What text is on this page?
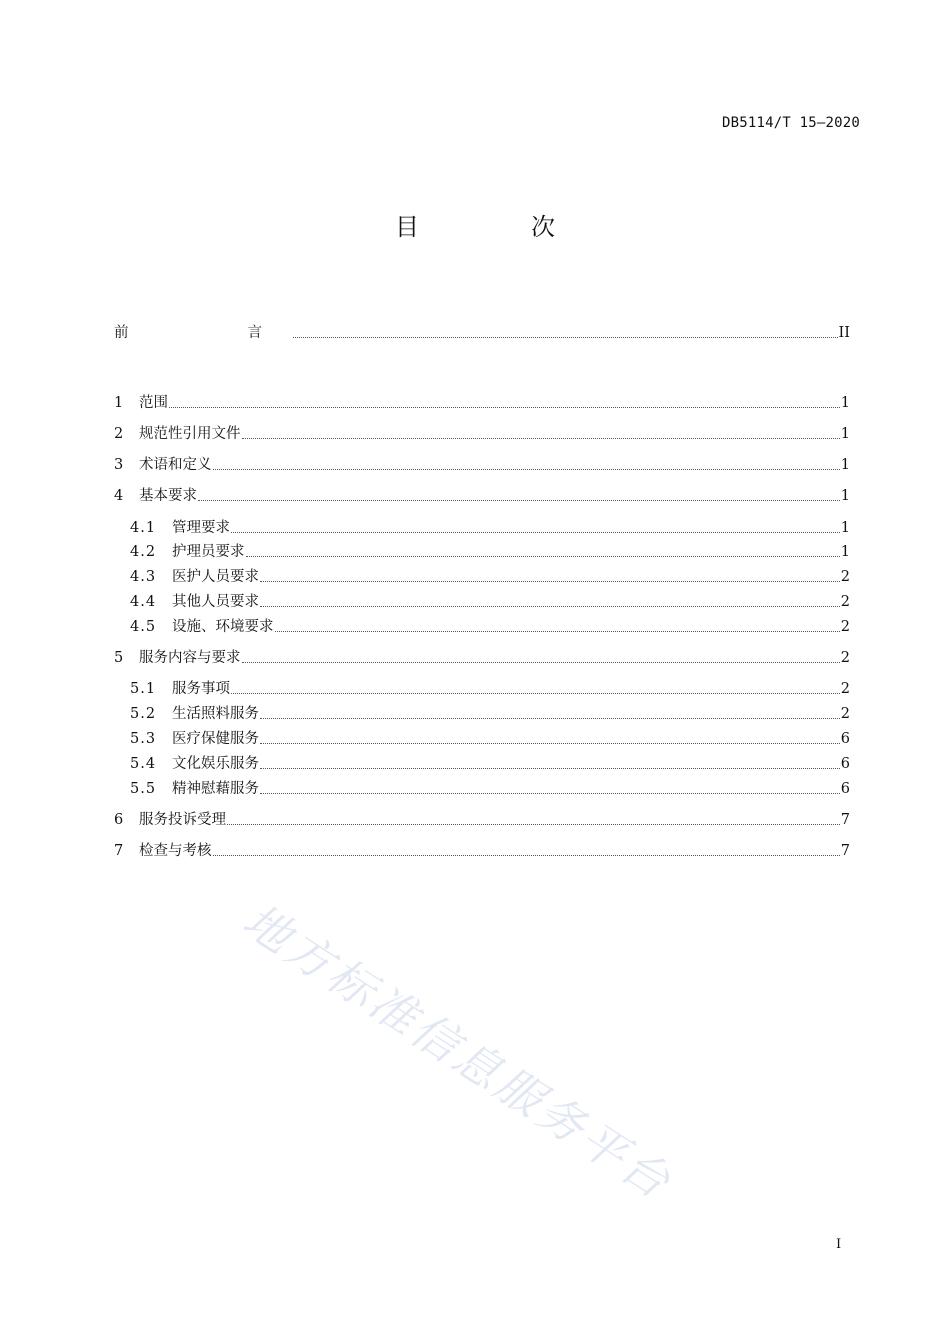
DB5114/T 15—2020
目　次
前　　言	II
1	范围	1
2	规范性引用文件	1
3	术语和定义	1
4	基本要求	1
4.1	管理要求	1
4.2	护理员要求	1
4.3	医护人员要求	2
4.4	其他人员要求	2
4.5	设施、环境要求	2
5	服务内容与要求	2
5.1	服务事项	2
5.2	生活照料服务	2
5.3	医疗保健服务	6
5.4	文化娱乐服务	6
5.5	精神慰藉服务	6
6	服务投诉受理	7
7	检查与考核	7
地方标准信息服务平台
I
